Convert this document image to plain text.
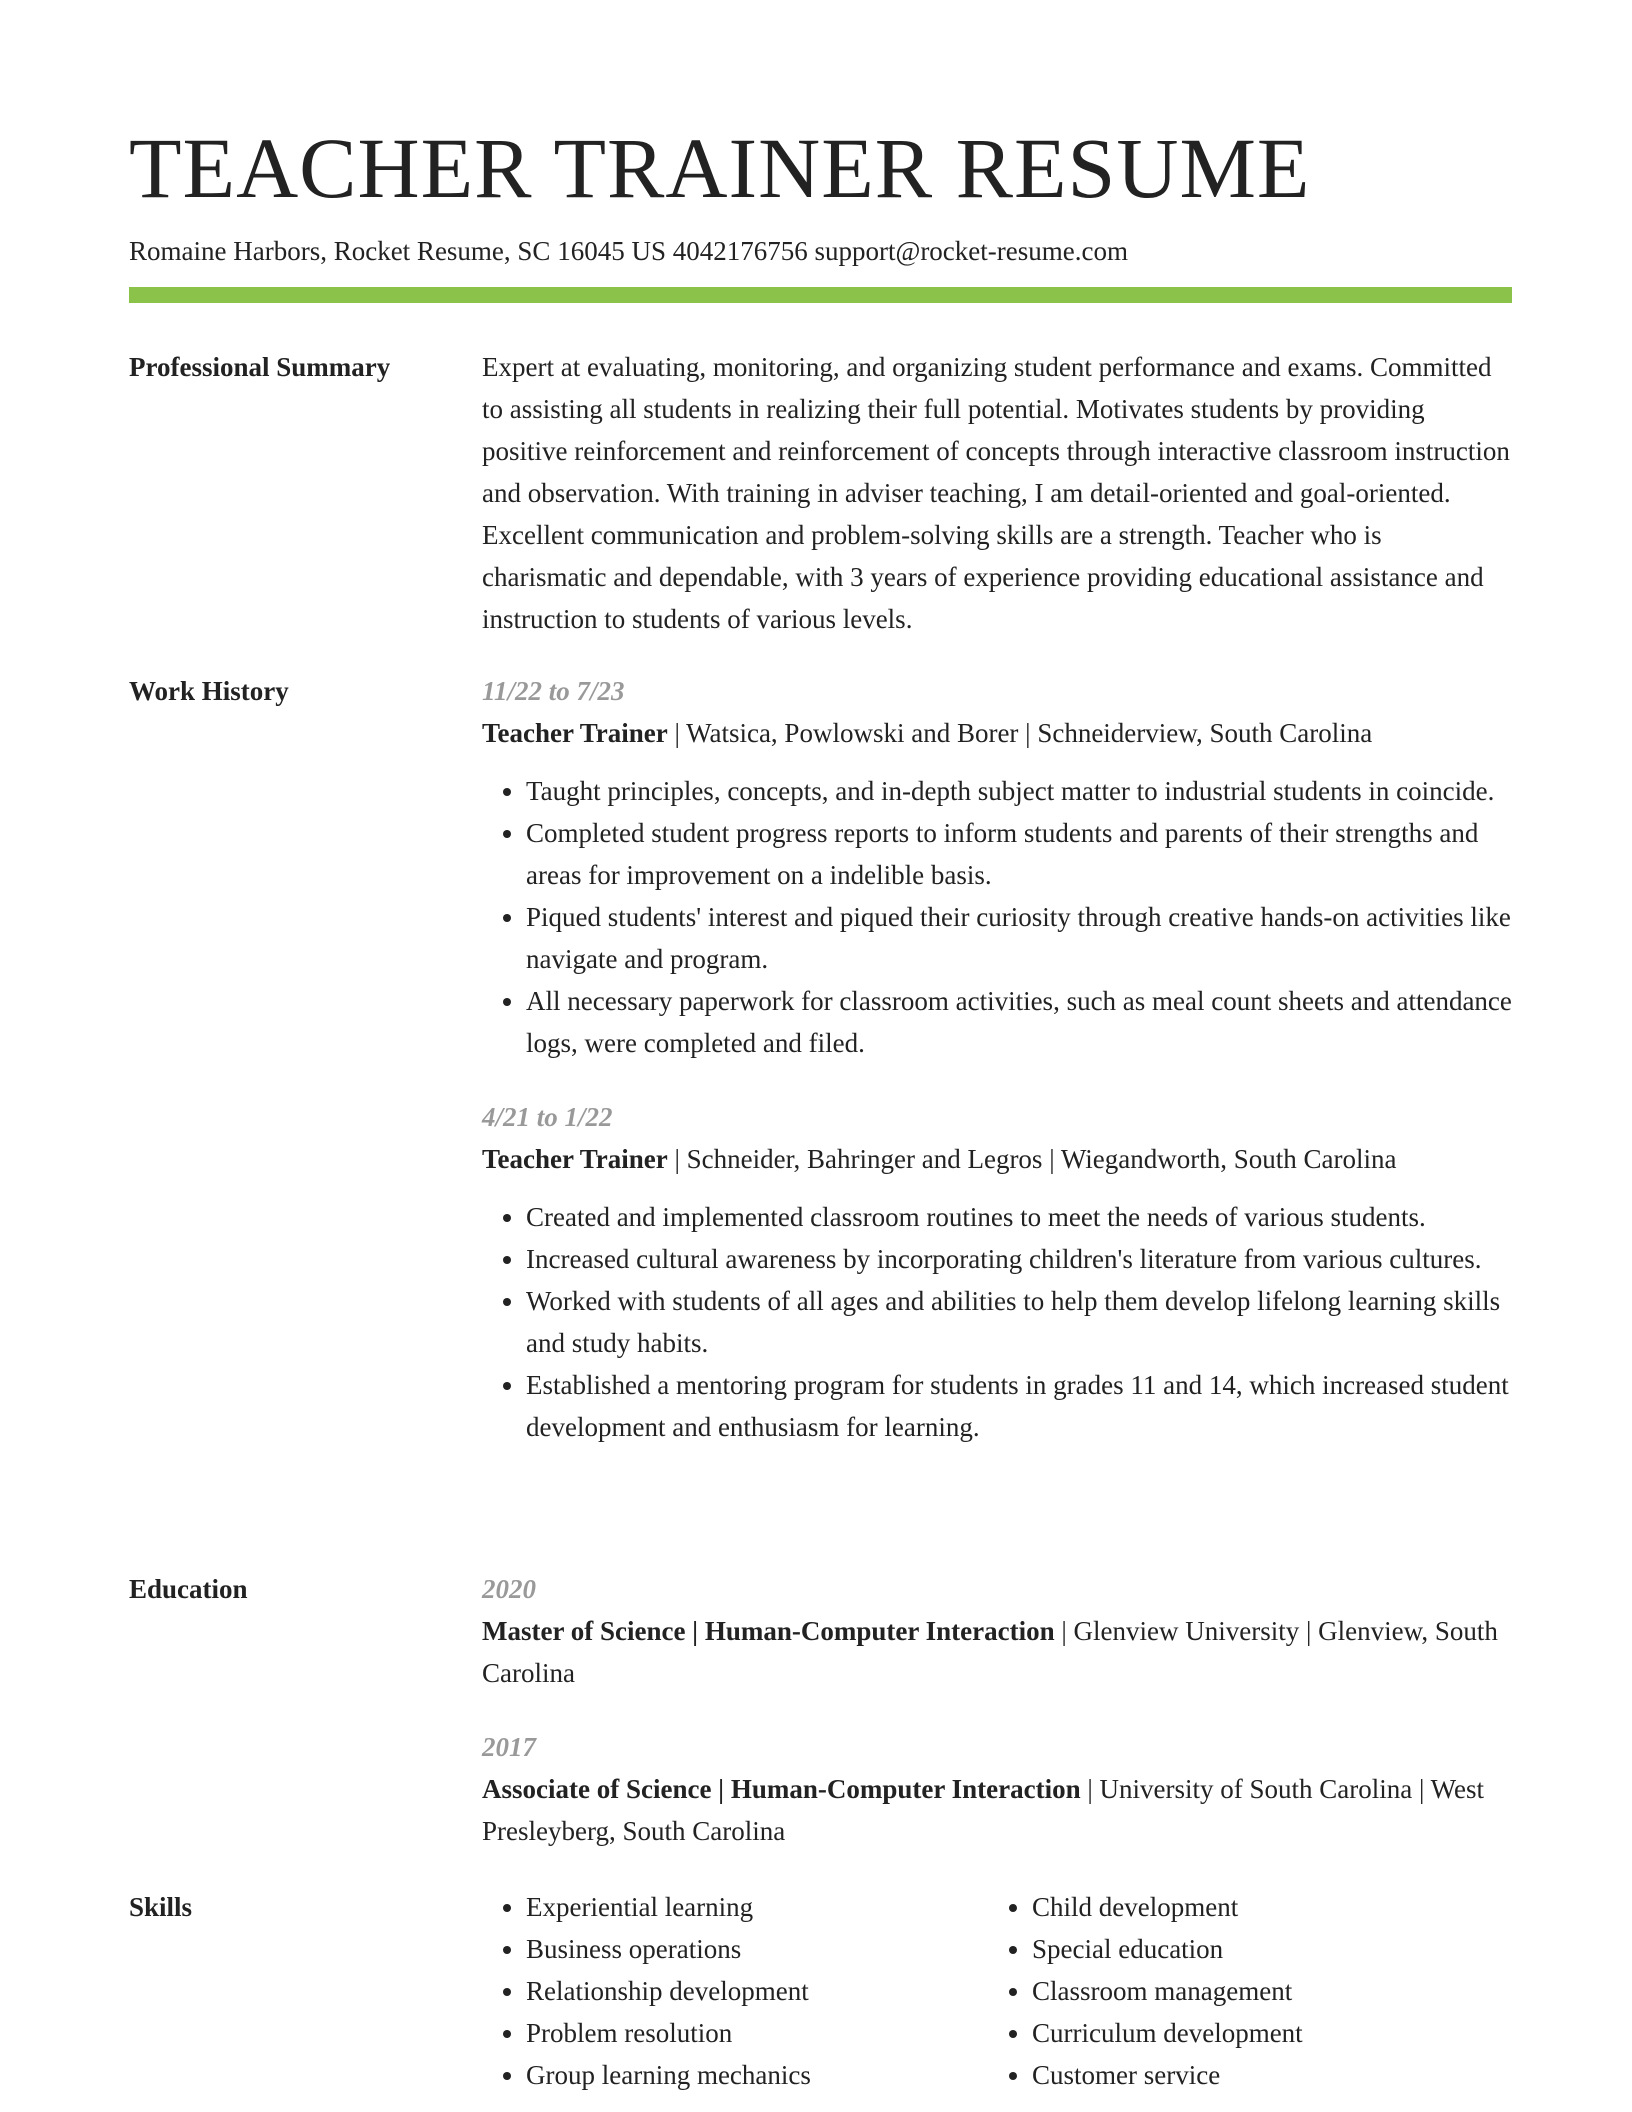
TEACHER TRAINER RESUME
Romaine Harbors, Rocket Resume, SC 16045 US 4042176756 support@rocket-resume.com
Professional Summary	Expert at evaluating, monitoring, and organizing student performance and exams. Committed to assisting all students in realizing their full potential. Motivates students by providing positive reinforcement and reinforcement of concepts through interactive classroom instruction and observation. With training in adviser teaching, I am detail-oriented and goal-oriented. Excellent communication and problem-solving skills are a strength. Teacher who is charismatic and dependable, with 3 years of experience providing educational assistance and instruction to students of various levels.

Work History	11/22 to 7/23
Teacher Trainer | Watsica, Powlowski and Borer | Schneiderview, South Carolina
• Taught principles, concepts, and in-depth subject matter to industrial students in coincide.
• Completed student progress reports to inform students and parents of their strengths and areas for improvement on a indelible basis.
• Piqued students' interest and piqued their curiosity through creative hands-on activities like navigate and program.
• All necessary paperwork for classroom activities, such as meal count sheets and attendance logs, were completed and filed.
4/21 to 1/22
Teacher Trainer | Schneider, Bahringer and Legros | Wiegandworth, South Carolina
• Created and implemented classroom routines to meet the needs of various students.
• Increased cultural awareness by incorporating children's literature from various cultures.
• Worked with students of all ages and abilities to help them develop lifelong learning skills and study habits.
• Established a mentoring program for students in grades 11 and 14, which increased student development and enthusiasm for learning.
Education	2020
Master of Science | Human-Computer Interaction | Glenview University | Glenview, South Carolina
2017
Associate of Science | Human-Computer Interaction | University of South Carolina | West Presleyberg, South Carolina
Skills
•	Experiential learning
• Business operations
• Relationship development
• Problem resolution
• Group learning mechanics
• Child development
• Special education
• Classroom management
• Curriculum development
• Customer service
